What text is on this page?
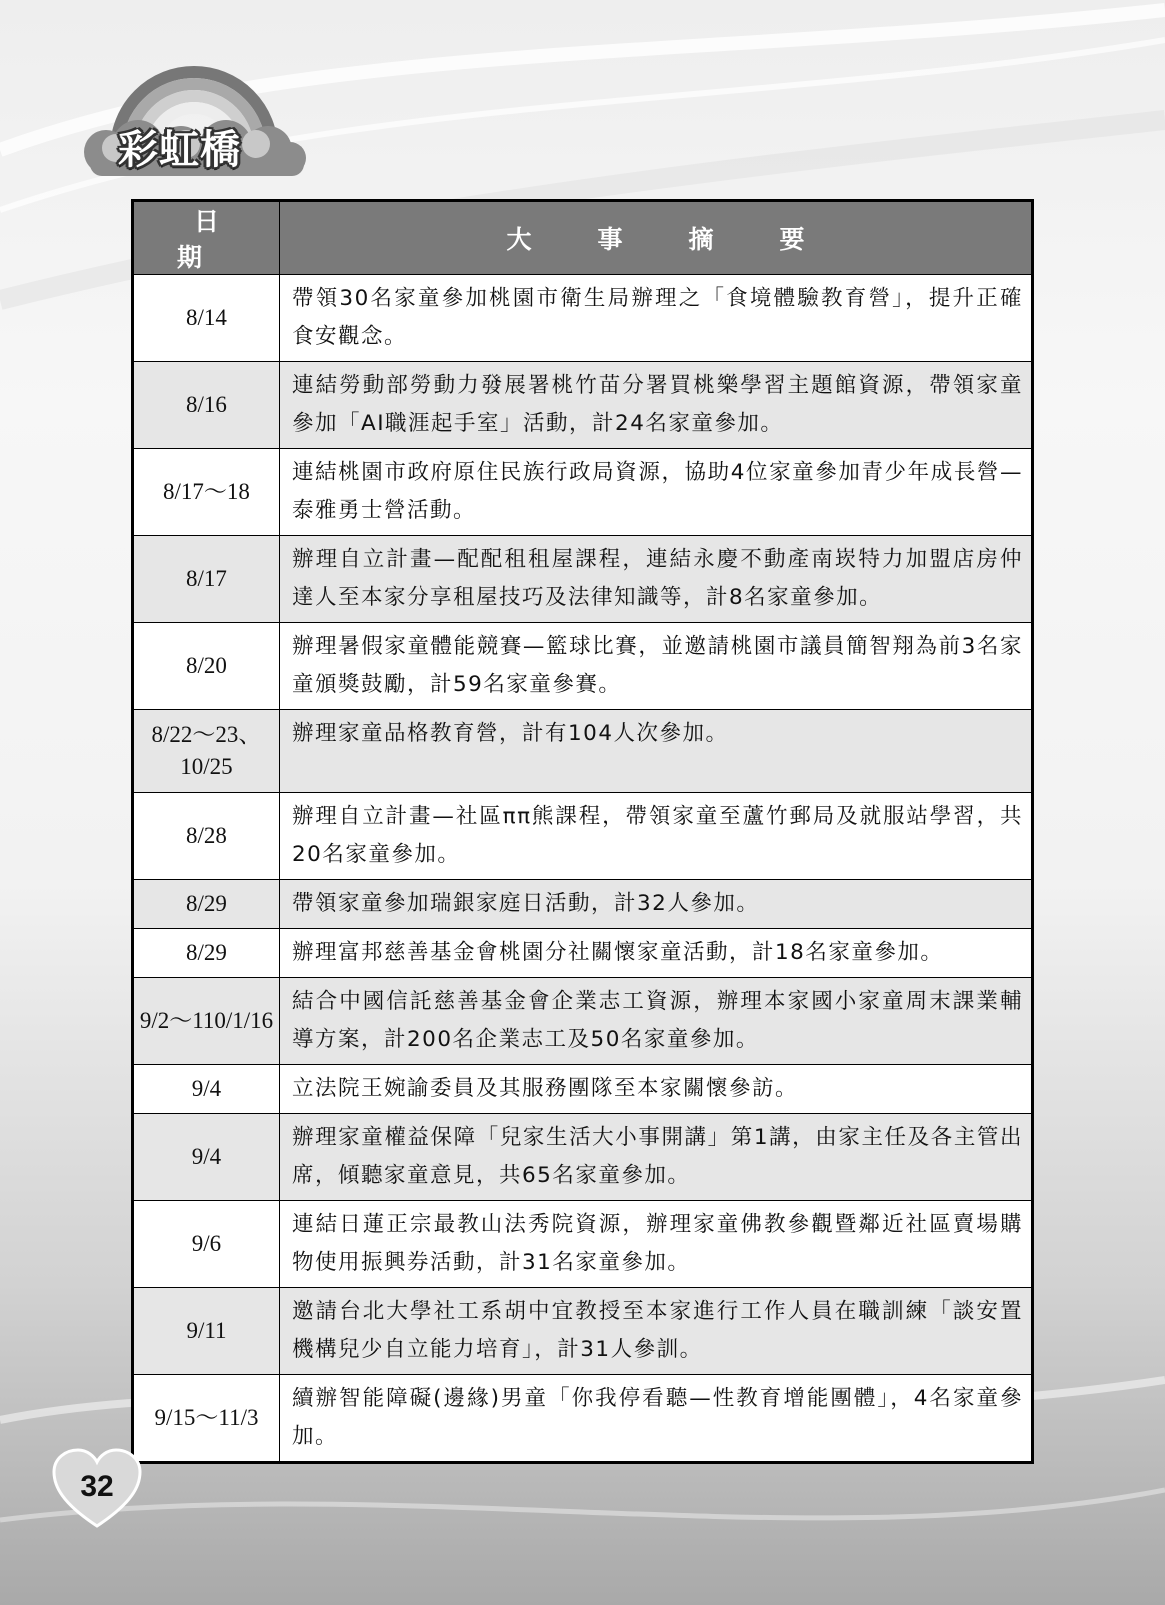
彩虹橋
日期	大事摘要
8/14	帶領30名家童參加桃園市衛生局辦理之「食境體驗教育營」，提升正確食安觀念。
8/16	連結勞動部勞動力發展署桃竹苗分署買桃樂學習主題館資源，帶領家童參加「AI職涯起手室」活動，計24名家童參加。
8/17～18	連結桃園市政府原住民族行政局資源，協助4位家童參加青少年成長營—泰雅勇士營活動。
8/17	辦理自立計畫—配配租租屋課程，連結永慶不動產南崁特力加盟店房仲達人至本家分享租屋技巧及法律知識等，計8名家童參加。
8/20	辦理暑假家童體能競賽—籃球比賽，並邀請桃園市議員簡智翔為前3名家童頒獎鼓勵，計59名家童參賽。
8/22～23、10/25	辦理家童品格教育營，計有104人次參加。
8/28	辦理自立計畫—社區ππ熊課程，帶領家童至蘆竹郵局及就服站學習，共20名家童參加。
8/29	帶領家童參加瑞銀家庭日活動，計32人參加。
8/29	辦理富邦慈善基金會桃園分社關懷家童活動，計18名家童參加。
9/2～110/1/16	結合中國信託慈善基金會企業志工資源，辦理本家國小家童周末課業輔導方案，計200名企業志工及50名家童參加。
9/4	立法院王婉諭委員及其服務團隊至本家關懷參訪。
9/4	辦理家童權益保障「兒家生活大小事開講」第1講，由家主任及各主管出席，傾聽家童意見，共65名家童參加。
9/6	連結日蓮正宗最教山法秀院資源，辦理家童佛教參觀暨鄰近社區賣場購物使用振興券活動，計31名家童參加。
9/11	邀請台北大學社工系胡中宜教授至本家進行工作人員在職訓練「談安置機構兒少自立能力培育」，計31人參訓。
9/15～11/3	續辦智能障礙(邊緣)男童「你我停看聽—性教育增能團體」，4名家童參加。
32
